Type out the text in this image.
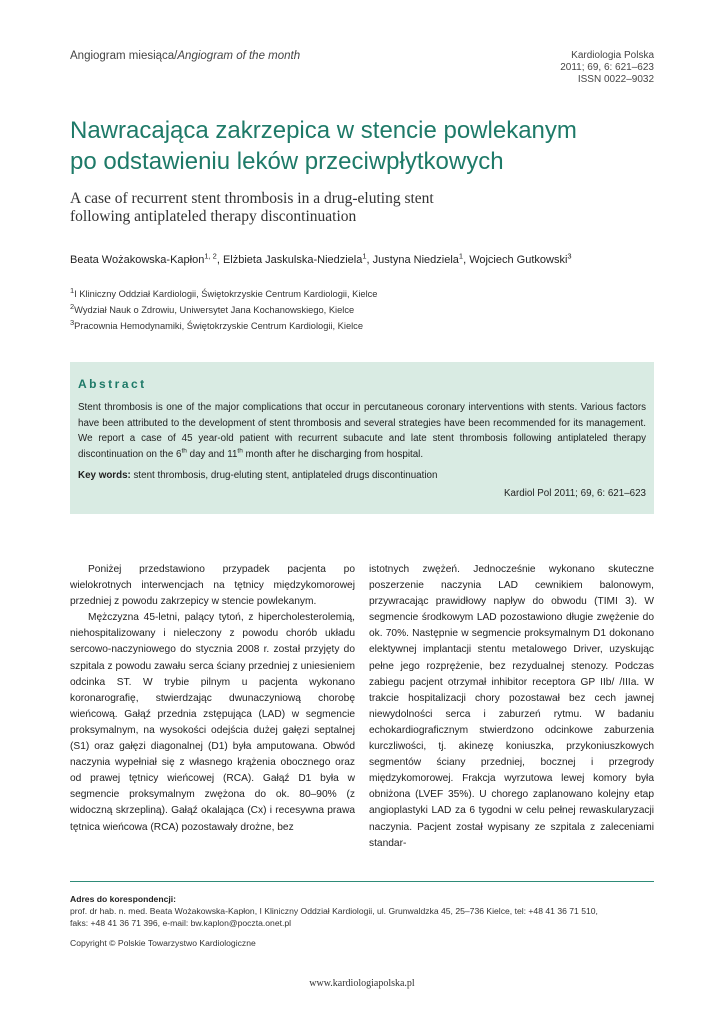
Angiogram miesiąca/Angiogram of the month	Kardiologia Polska
2011; 69, 6: 621–623
ISSN 0022–9032
Nawracająca zakrzepica w stencie powlekanym
po odstawieniu leków przeciwpłytkowych
A case of recurrent stent thrombosis in a drug-eluting stent
following antiplateled therapy discontinuation
Beata Wożakowska-Kapłon$^{1, 2}$, Elżbieta Jaskulska-Niedziela$^1$, Justyna Niedziela$^1$, Wojciech Gutkowski$^3$
$^1$I Kliniczny Oddział Kardiologii, Świętokrzyskie Centrum Kardiologii, Kielce
$^2$Wydział Nauk o Zdrowiu, Uniwersytet Jana Kochanowskiego, Kielce
$^3$Pracownia Hemodynamiki, Świętokrzyskie Centrum Kardiologii, Kielce
Abstract
Stent thrombosis is one of the major complications that occur in percutaneous coronary interventions with stents. Various factors have been attributed to the development of stent thrombosis and several strategies have been recommended for its management. We report a case of 45 year-old patient with recurrent subacute and late stent thrombosis following antiplateled therapy discontinuation on the 6th day and 11th month after he discharging from hospital.
Key words: stent thrombosis, drug-eluting stent, antiplateled drugs discontinuation
Kardiol Pol 2011; 69, 6: 621–623

Poniżej przedstawiono przypadek pacjenta po wielokrotnych interwencjach na tętnicy międzykomorowej przedniej z powodu zakrzepicy w stencie powlekanym.

Mężczyzna 45-letni, palący tytoń, z hipercholesterolemią, niehospitalizowany i nieleczony z powodu chorób układu sercowo-naczyniowego do stycznia 2008 r. został przyjęty do szpitala z powodu zawału serca ściany przedniej z uniesieniem odcinka ST. W trybie pilnym u pacjenta wykonano koronarografię, stwierdzając dwunaczyniową chorobę wieńcową. Gałąź przednia zstępująca (LAD) w segmencie proksymalnym, na wysokości odejścia dużej gałęzi septalnej (S1) oraz gałęzi diagonalnej (D1) była amputowana. Obwód naczynia wypełniał się z własnego krążenia obocznego oraz od prawej tętnicy wieńcowej (RCA). Gałąź D1 była w segmencie proksymalnym zwężona do ok. 80–90% (z widoczną skrzepliną). Gałąź okalająca (Cx) i recesywna prawa tętnica wieńcowa (RCA) pozostawały drożne, bez

istotnych zwężeń. Jednocześnie wykonano skuteczne poszerzenie naczynia LAD cewnikiem balonowym, przywracając prawidłowy napływ do obwodu (TIMI 3). W segmencie środkowym LAD pozostawiono długie zwężenie do ok. 70%. Następnie w segmencie proksymalnym D1 dokonano elektywnej implantacji stentu metalowego Driver, uzyskując pełne jego rozprężenie, bez rezydualnej stenozy. Podczas zabiegu pacjent otrzymał inhibitor receptora GP IIb/ /IIIa. W trakcie hospitalizacji chory pozostawał bez cech jawnej niewydolności serca i zaburzeń rytmu. W badaniu echokardiograficznym stwierdzono odcinkowe zaburzenia kurczliwości, tj. akinezę koniuszka, przykoniuszkowych segmentów ściany przedniej, bocznej i przegrody międzykomorowej. Frakcja wyrzutowa lewej komory była obniżona (LVEF 35%). U chorego zaplanowano kolejny etap angioplastyki LAD za 6 tygodni w celu pełnej rewaskularyzacji naczynia. Pacjent został wypisany ze szpitala z zaleceniami standar-

Adres do korespondencji:
prof. dr hab. n. med. Beata Wożakowska-Kapłon, I Kliniczny Oddział Kardiologii, ul. Grunwaldzka 45, 25–736 Kielce, tel: +48 41 36 71 510,
faks: +48 41 36 71 396, e-mail: bw.kaplon@poczta.onet.pl
Copyright © Polskie Towarzystwo Kardiologiczne
www.kardiologiapolska.pl
